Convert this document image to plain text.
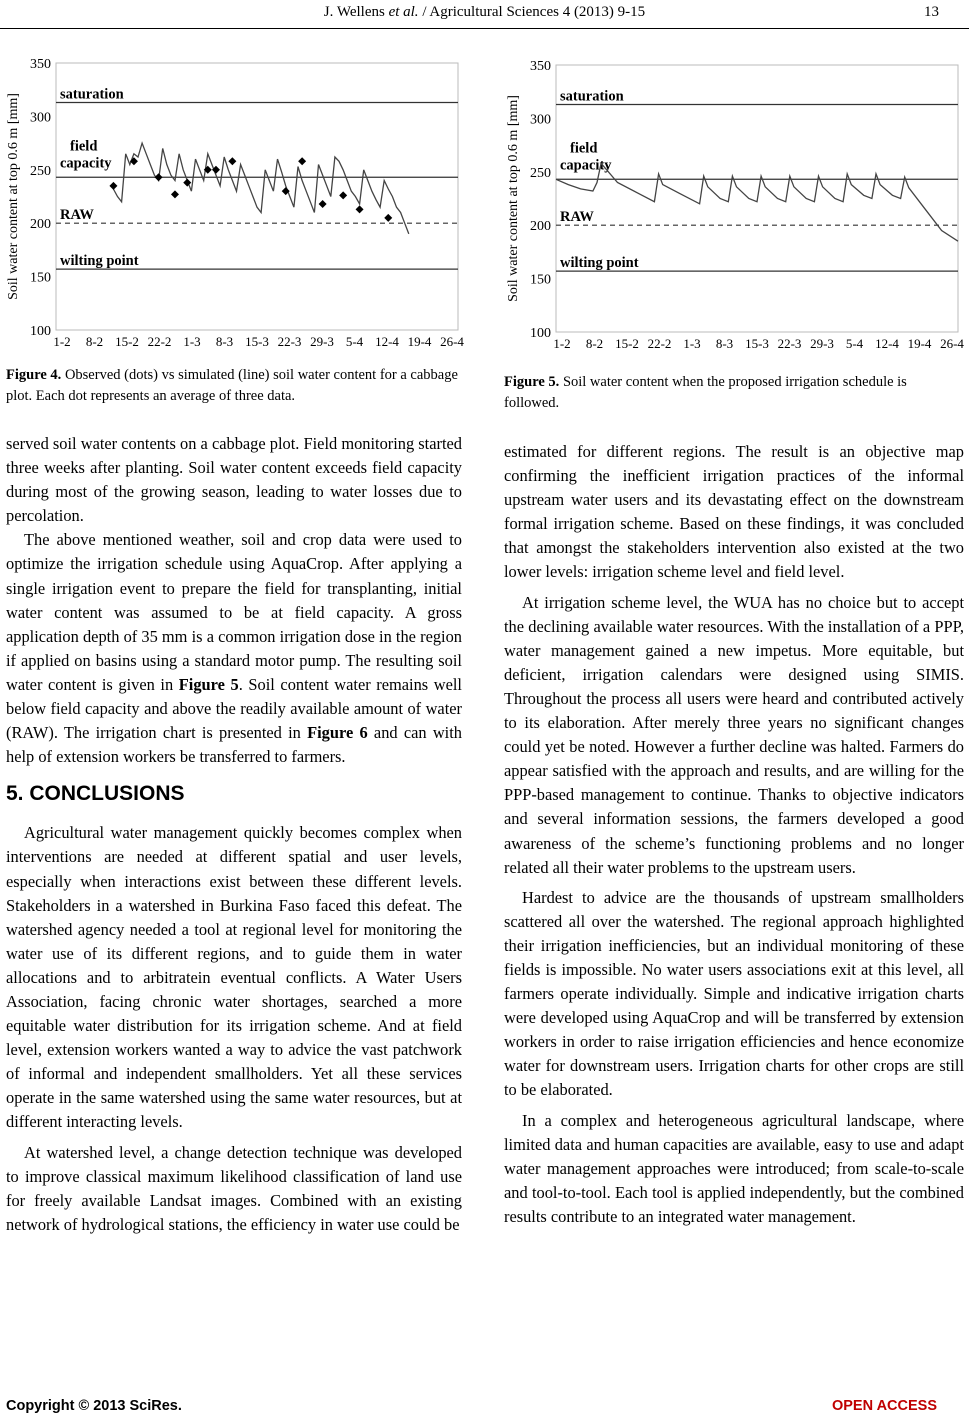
J. Wellens et al. / Agricultural Sciences 4 (2013) 9-15	13
100
150
200
250
300
350
1-2 8-2 15-2 22-2 1-3 8-3 15-3 22-3 29-3 5-4 12-4 19-4 26-4
Soil water content at top 0.6 m [mm]	saturation
field
capacity
RAW
wilting point
Figure 4. Observed (dots) vs simulated (line) soil water content for a cabbage plot. Each dot represents an average of three data.
100
150
200
250
300
350
1-2 8-2 15-2 22-2 1-3 8-3 15-3 22-3 29-3 5-4 12-4 19-4 26-4
Soil water content at top 0.6 m [mm]	saturation
field
capacity
RAW
wilting point
Figure 5. Soil water content when the proposed irrigation schedule is followed.

served soil water contents on a cabbage plot. Field monitoring started three weeks after planting. Soil water content exceeds field capacity during most of the growing season, leading to water losses due to percolation.

The above mentioned weather, soil and crop data were used to optimize the irrigation schedule using AquaCrop. After applying a single irrigation event to prepare the field for transplanting, initial water content was assumed to be at field capacity. A gross application depth of 35 mm is a common irrigation dose in the region if applied on basins using a standard motor pump. The resulting soil water content is given in Figure 5. Soil content water remains well below field capacity and above the readily available amount of water (RAW). The irrigation chart is presented in Figure 6 and can with help of extension workers be transferred to farmers.

5. CONCLUSIONS

Agricultural water management quickly becomes complex when interventions are needed at different spatial and user levels, especially when interactions exist between these different levels. Stakeholders in a watershed in Burkina Faso faced this defeat. The watershed agency needed a tool at regional level for monitoring the water use of its different regions, and to guide them in water allocations and to arbitratein eventual conflicts. A Water Users Association, facing chronic water shortages, searched a more equitable water distribution for its irrigation scheme. And at field level, extension workers wanted a way to advice the vast patchwork of informal and independent smallholders. Yet all these services operate in the same watershed using the same water resources, but at different interacting levels.

At watershed level, a change detection technique was developed to improve classical maximum likelihood classification of land use for freely available Landsat images. Combined with an existing network of hydrological stations, the efficiency in water use could be

estimated for different regions. The result is an objective map confirming the inefficient irrigation practices of the informal upstream water users and its devastating effect on the downstream formal irrigation scheme. Based on these findings, it was concluded that amongst the stakeholders intervention also existed at the two lower levels: irrigation scheme level and field level.

At irrigation scheme level, the WUA has no choice but to accept the declining available water resources. With the installation of a PPP, water management gained a new impetus. More equitable, but deficient, irrigation calendars were designed using SIMIS. Throughout the process all users were heard and contributed actively to its elaboration. After merely three years no significant changes could yet be noted. However a further decline was halted. Farmers do appear satisfied with the approach and results, and are willing for the PPP-based management to continue. Thanks to objective indicators and several information sessions, the farmers developed a good awareness of the scheme’s functioning problems and no longer related all their water problems to the upstream users.

Hardest to advice are the thousands of upstream smallholders scattered all over the watershed. The regional approach highlighted their irrigation inefficiencies, but an individual monitoring of these fields is impossible. No water users associations exit at this level, all farmers operate individually. Simple and indicative irrigation charts were developed using AquaCrop and will be transferred by extension workers in order to raise irrigation efficiencies and hence economize water for downstream users. Irrigation charts for other crops are still to be elaborated.

In a complex and heterogeneous agricultural landscape, where limited data and human capacities are available, easy to use and adapt water management approaches were introduced; from scale-to-scale and tool-to-tool. Each tool is applied independently, but the combined results contribute to an integrated water management.

Copyright © 2013 SciRes.	OPEN ACCESS
